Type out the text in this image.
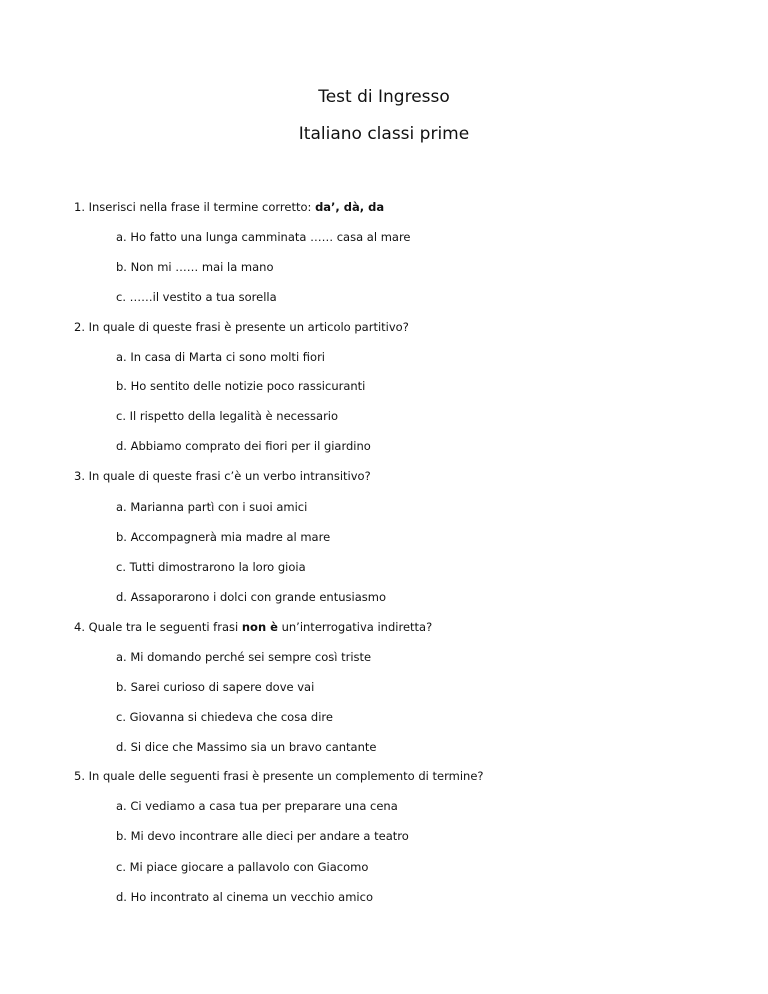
Test di Ingresso
Italiano classi prime
1. Inserisci nella frase il termine corretto: da’, dà, da
a. Ho fatto una lunga camminata …… casa al mare
b. Non mi …… mai la mano
c. ……il vestito a tua sorella
2. In quale di queste frasi è presente un articolo partitivo?
a. In casa di Marta ci sono molti fiori
b. Ho sentito delle notizie poco rassicuranti
c. Il rispetto della legalità è necessario
d. Abbiamo comprato dei fiori per il giardino
3. In quale di queste frasi c’è un verbo intransitivo?
a. Marianna partì con i suoi amici
b. Accompagnerà mia madre al mare
c. Tutti dimostrarono la loro gioia
d. Assaporarono i dolci con grande entusiasmo
4. Quale tra le seguenti frasi non è un’interrogativa indiretta?
a. Mi domando perché sei sempre così triste
b. Sarei curioso di sapere dove vai
c. Giovanna si chiedeva che cosa dire
d. Si dice che Massimo sia un bravo cantante
5. In quale delle seguenti frasi è presente un complemento di termine?
a. Ci vediamo a casa tua per preparare una cena
b. Mi devo incontrare alle dieci per andare a teatro
c. Mi piace giocare a pallavolo con Giacomo
d. Ho incontrato al cinema un vecchio amico
